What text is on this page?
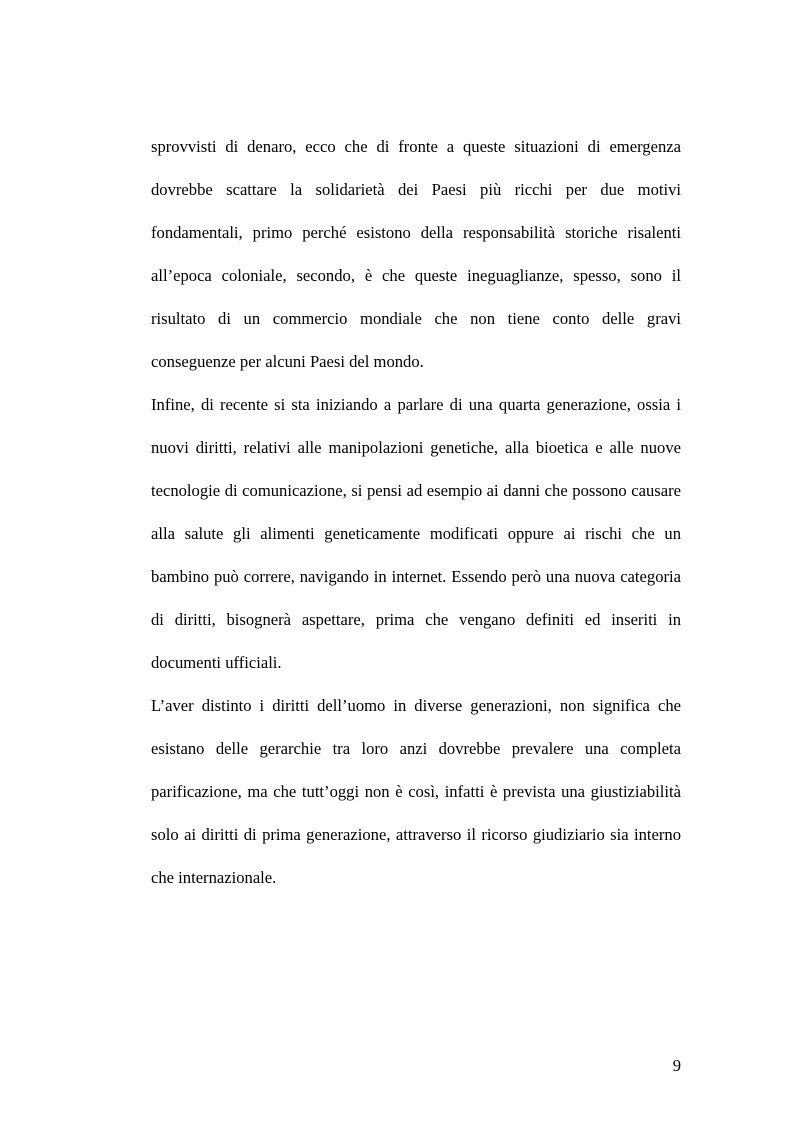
sprovvisti di denaro, ecco che di fronte a queste situazioni di emergenza dovrebbe scattare la solidarietà dei Paesi più ricchi per due motivi fondamentali, primo perché esistono della responsabilità storiche risalenti all’epoca coloniale, secondo, è che queste ineguaglianze, spesso, sono il risultato di un commercio mondiale che non tiene conto delle gravi conseguenze per alcuni Paesi del mondo.

Infine, di recente si sta iniziando a parlare di una quarta generazione, ossia i nuovi diritti, relativi alle manipolazioni genetiche, alla bioetica e alle nuove tecnologie di comunicazione, si pensi ad esempio ai danni che possono causare alla salute gli alimenti geneticamente modificati oppure ai rischi che un bambino può correre, navigando in internet. Essendo però una nuova categoria di diritti, bisognerà aspettare, prima che vengano definiti ed inseriti in documenti ufficiali.

L’aver distinto i diritti dell’uomo in diverse generazioni, non significa che esistano delle gerarchie tra loro anzi dovrebbe prevalere una completa parificazione, ma che tutt’oggi non è così, infatti è prevista una giustiziabilità solo ai diritti di prima generazione, attraverso il ricorso giudiziario sia interno che internazionale.

9
